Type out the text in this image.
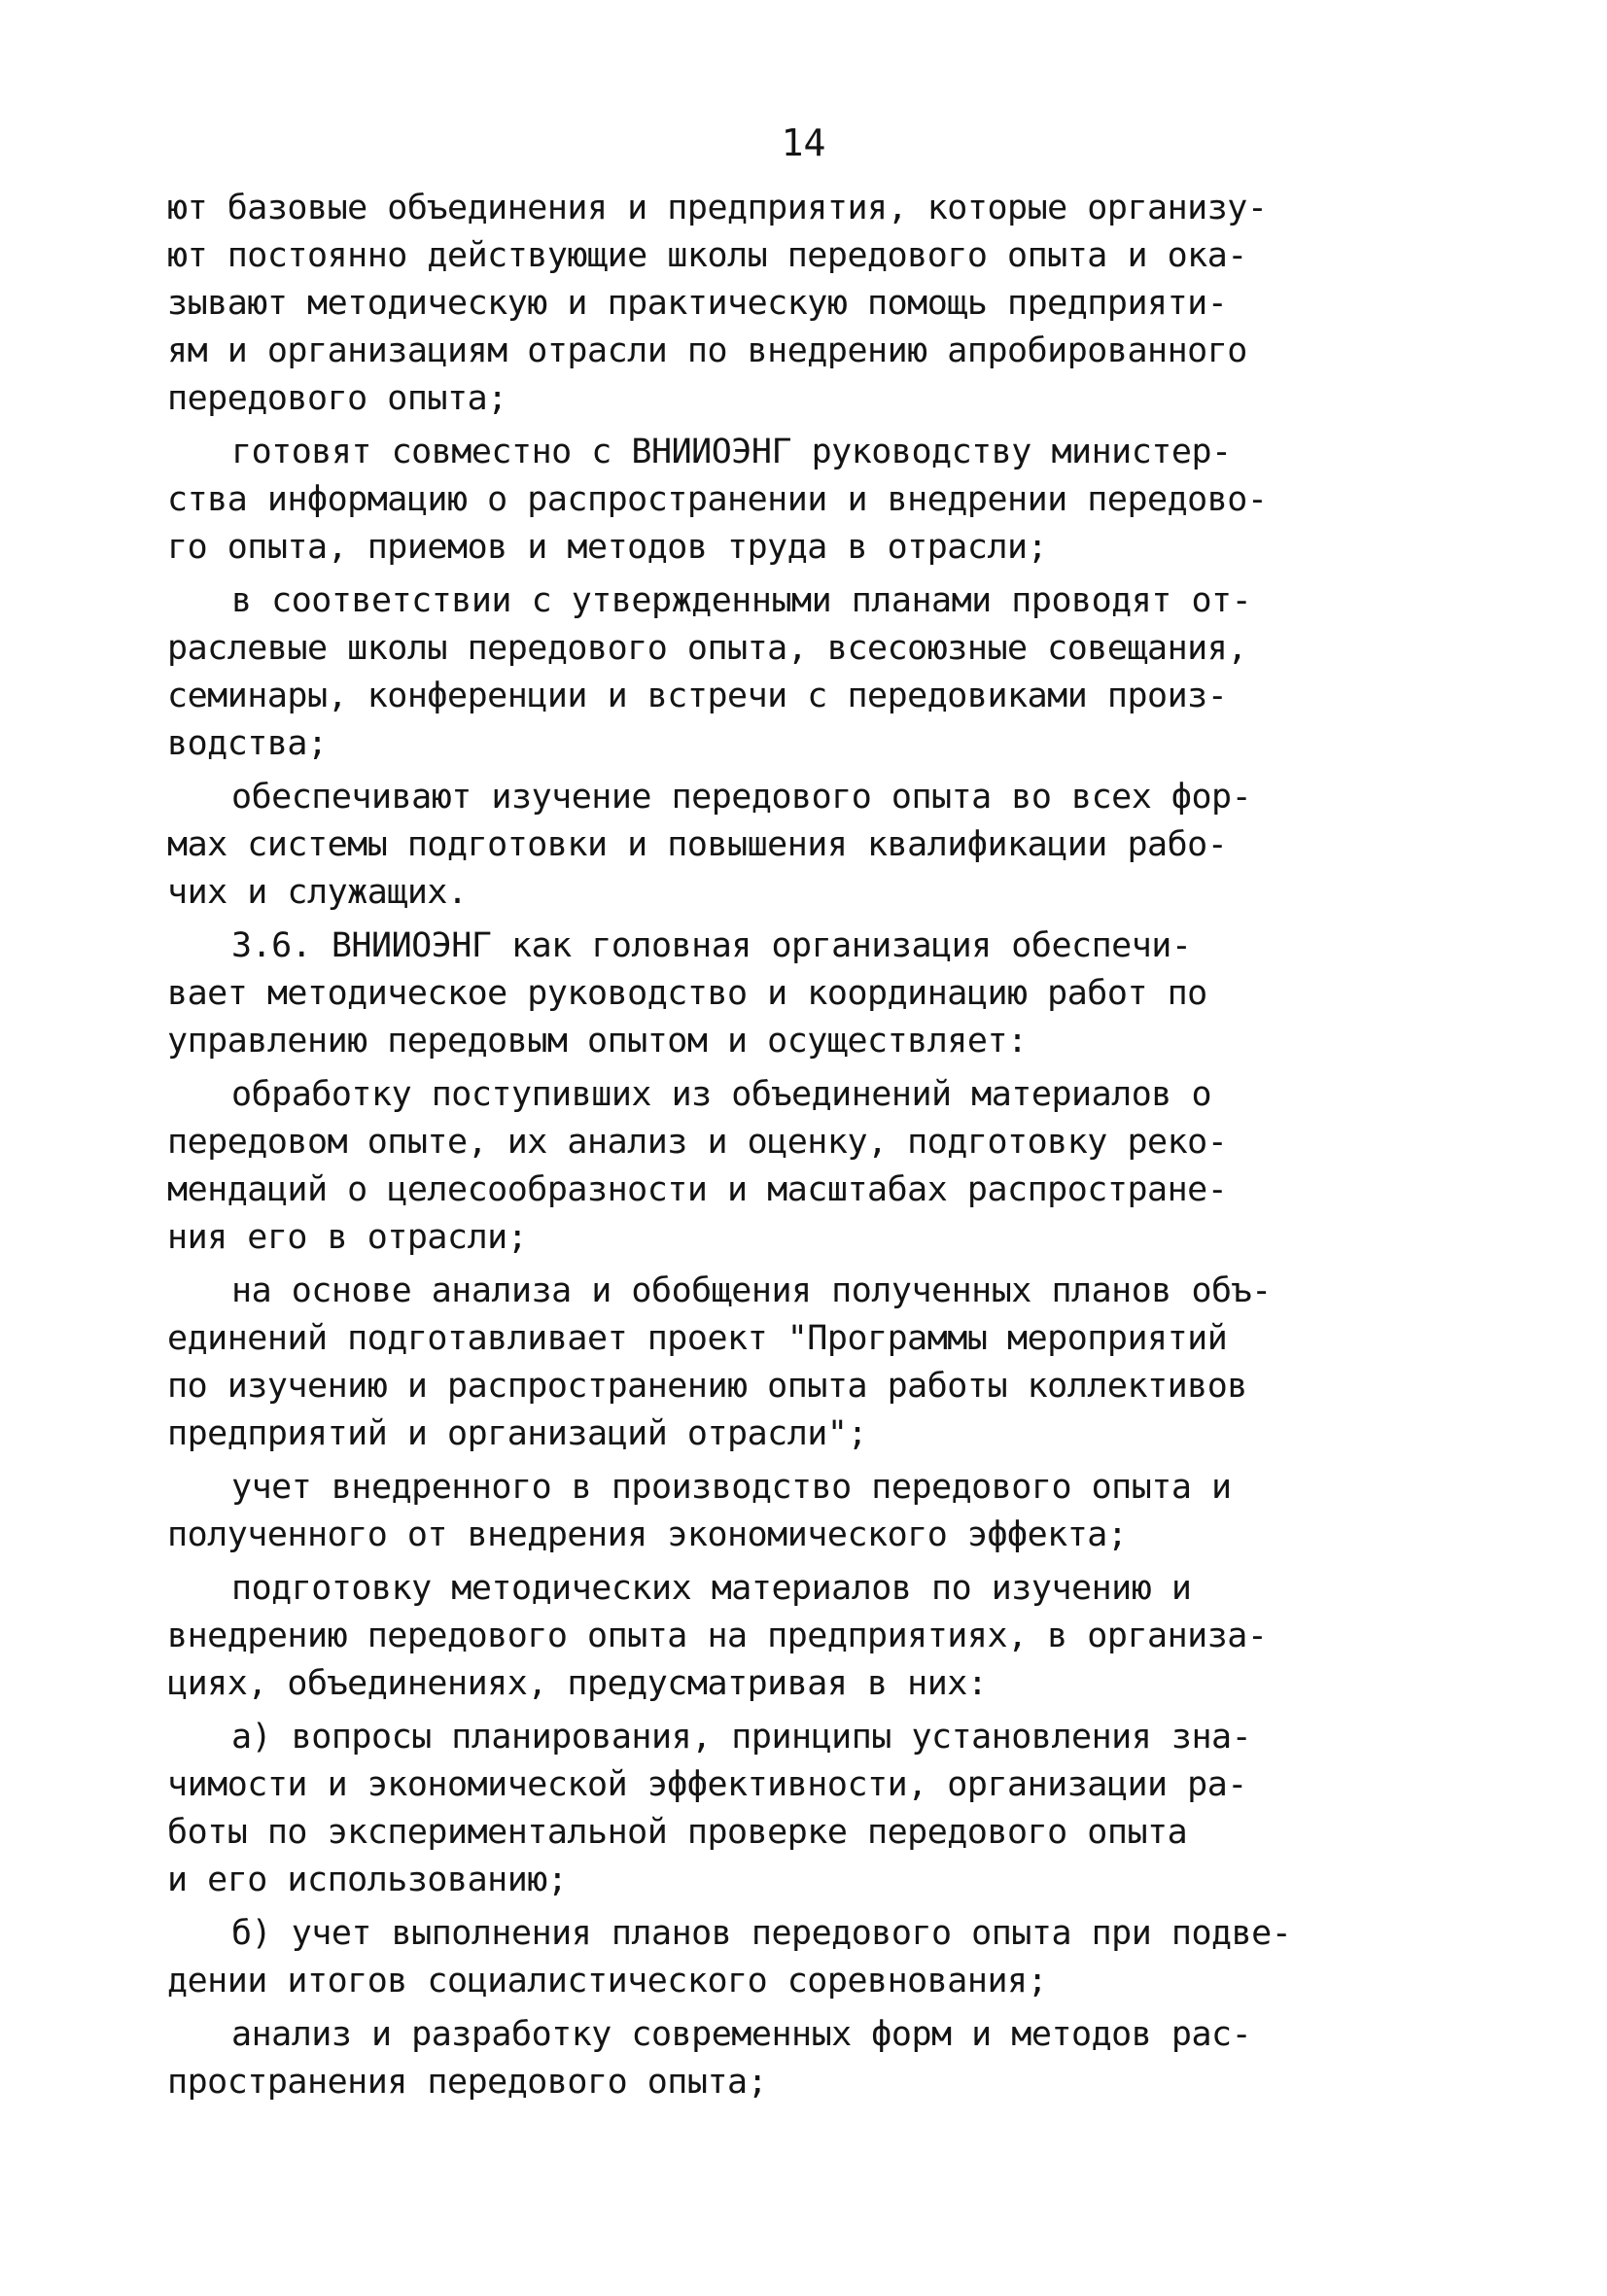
14
ют базовые объединения и предприятия, которые организу-
ют постоянно действующие школы передового опыта и ока-
зывают методическую и практическую помощь предприяти-
ям и организациям отрасли по внедрению апробированного
передового опыта;
готовят совместно с ВНИИОЭНГ руководству министер-
ства информацию о распространении и внедрении передово-
го опыта, приемов и методов труда в отрасли;
в соответствии с утвержденными планами проводят от-
раслевые школы передового опыта, всесоюзные совещания,
семинары, конференции и встречи с передовиками произ-
водства;
обеспечивают изучение передового опыта во всех фор-
мах системы подготовки и повышения квалификации рабо-
чих и служащих.
3.6. ВНИИОЭНГ как головная организация обеспечи-
вает методическое руководство и координацию работ по
управлению передовым опытом и осуществляет:
обработку поступивших из объединений материалов о
передовом опыте, их анализ и оценку, подготовку реко-
мендаций о целесообразности и масштабах распростране-
ния его в отрасли;
на основе анализа и обобщения полученных планов объ-
единений подготавливает проект "Программы мероприятий
по изучению и распространению опыта работы коллективов
предприятий и организаций отрасли";
учет внедренного в производство передового опыта и
полученного от внедрения экономического эффекта;
подготовку методических материалов по изучению и
внедрению передового опыта на предприятиях, в организа-
циях, объединениях, предусматривая в них:
а) вопросы планирования, принципы установления зна-
чимости и экономической эффективности, организации ра-
боты по экспериментальной проверке передового опыта
и его использованию;
б) учет выполнения планов передового опыта при подве-
дении итогов социалистического соревнования;
анализ и разработку современных форм и методов рас-
пространения передового опыта;
